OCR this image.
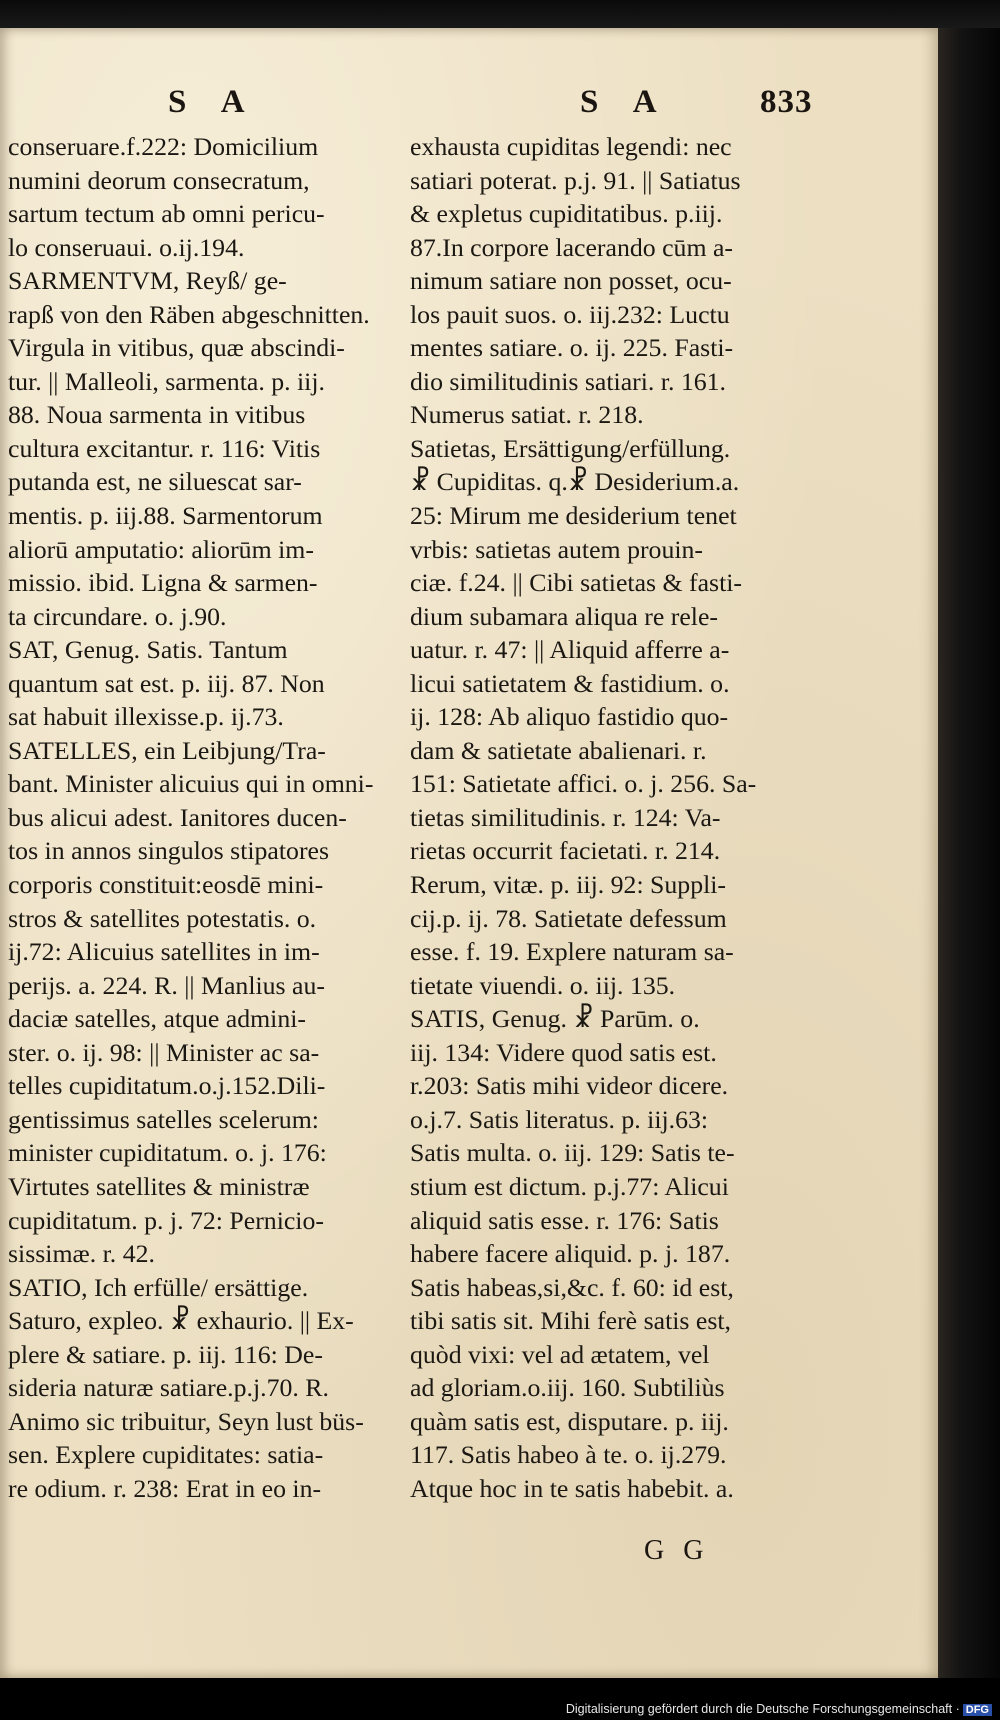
S A	S A	833
conseruare.f.222: Domicilium
numini deorum consecratum,
sartum tectum ab omni pericu-
lo conseruaui. o.ij.194.
SARMENTVM, Reyß/ ge-
rapß von den Räben abgeschnitten.
Virgula in vitibus, quæ abscindi-
tur. || Malleoli, sarmenta. p. iij.
88. Noua sarmenta in vitibus
cultura excitantur. r. 116: Vitis
putanda est, ne siluescat sar-
mentis. p. iij.88. Sarmentorum
aliorū amputatio: aliorūm im-
missio. ibid. Ligna & sarmen-
ta circundare. o. j.90.
SAT, Genug. Satis. Tantum
quantum sat est. p. iij. 87. Non
sat habuit illexisse.p. ij.73.
SATELLES, ein Leibjung/Tra-
bant. Minister alicuius qui in omni-
bus alicui adest. Ianitores ducen-
tos in annos singulos stipatores
corporis constituit:eosdē mini-
stros & satellites potestatis. o.
ij.72: Alicuius satellites in im-
perijs. a. 224. R. || Manlius au-
daciæ satelles, atque admini-
ster. o. ij. 98: || Minister ac sa-
telles cupiditatum.o.j.152.Dili-
gentissimus satelles scelerum:
minister cupiditatum. o. j. 176:
Virtutes satellites & ministræ
cupiditatum. p. j. 72: Pernicio-
sissimæ. r. 42.
SATIO, Ich erfülle/ ersättige.
Saturo, expleo. ☧ exhaurio. || Ex-
plere & satiare. p. iij. 116: De-
sideria naturæ satiare.p.j.70. R.
Animo sic tribuitur, Seyn lust büs-
sen. Explere cupiditates: satia-
re odium. r. 238: Erat in eo in-
exhausta cupiditas legendi: nec
satiari poterat. p.j. 91. || Satiatus
& expletus cupiditatibus. p.iij.
87.In corpore lacerando cūm a-
nimum satiare non posset, ocu-
los pauit suos. o. iij.232: Luctu
mentes satiare. o. ij. 225. Fasti-
dio similitudinis satiari. r. 161.
Numerus satiat. r. 218.
Satietas, Ersättigung/erfüllung.
☧ Cupiditas. q.☧ Desiderium.a.
25: Mirum me desiderium tenet
vrbis: satietas autem prouin-
ciæ. f.24. || Cibi satietas & fasti-
dium subamara aliqua re rele-
uatur. r. 47: || Aliquid afferre a-
licui satietatem & fastidium. o.
ij. 128: Ab aliquo fastidio quo-
dam & satietate abalienari. r.
151: Satietate affici. o. j. 256. Sa-
tietas similitudinis. r. 124: Va-
rietas occurrit facietati. r. 214.
Rerum, vitæ. p. iij. 92: Suppli-
cij.p. ij. 78. Satietate defessum
esse. f. 19. Explere naturam sa-
tietate viuendi. o. iij. 135.
SATIS, Genug. ☧ Parūm. o.
iij. 134: Videre quod satis est.
r.203: Satis mihi videor dicere.
o.j.7. Satis literatus. p. iij.63:
Satis multa. o. iij. 129: Satis te-
stium est dictum. p.j.77: Alicui
aliquid satis esse. r. 176: Satis
habere facere aliquid. p. j. 187.
Satis habeas,si,&c. f. 60: id est,
tibi satis sit. Mihi ferè satis est,
quòd vixi: vel ad ætatem, vel
ad gloriam.o.iij. 160. Subtiliùs
quàm satis est, disputare. p. iij.
117. Satis habeo à te. o. ij.279.
Atque hoc in te satis habebit. a.
G G
Digitalisierung gefördert durch die Deutsche Forschungsgemeinschaft · DFG
